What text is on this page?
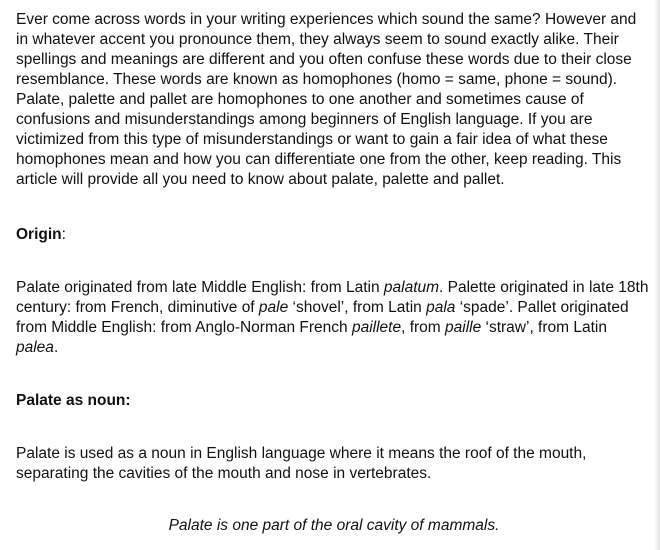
Ever come across words in your writing experiences which sound the same? However and in whatever accent you pronounce them, they always seem to sound exactly alike. Their spellings and meanings are different and you often confuse these words due to their close resemblance. These words are known as homophones (homo = same, phone = sound). Palate, palette and pallet are homophones to one another and sometimes cause of confusions and misunderstandings among beginners of English language. If you are victimized from this type of misunderstandings or want to gain a fair idea of what these homophones mean and how you can differentiate one from the other, keep reading. This article will provide all you need to know about palate, palette and pallet.

Origin:

Palate originated from late Middle English: from Latin palatum. Palette originated in late 18th century: from French, diminutive of pale ‘shovel’, from Latin pala ‘spade’. Pallet originated from Middle English: from Anglo-Norman French paillete, from paille ‘straw’, from Latin palea.

Palate as noun:

Palate is used as a noun in English language where it means the roof of the mouth, separating the cavities of the mouth and nose in vertebrates.

Palate is one part of the oral cavity of mammals.
